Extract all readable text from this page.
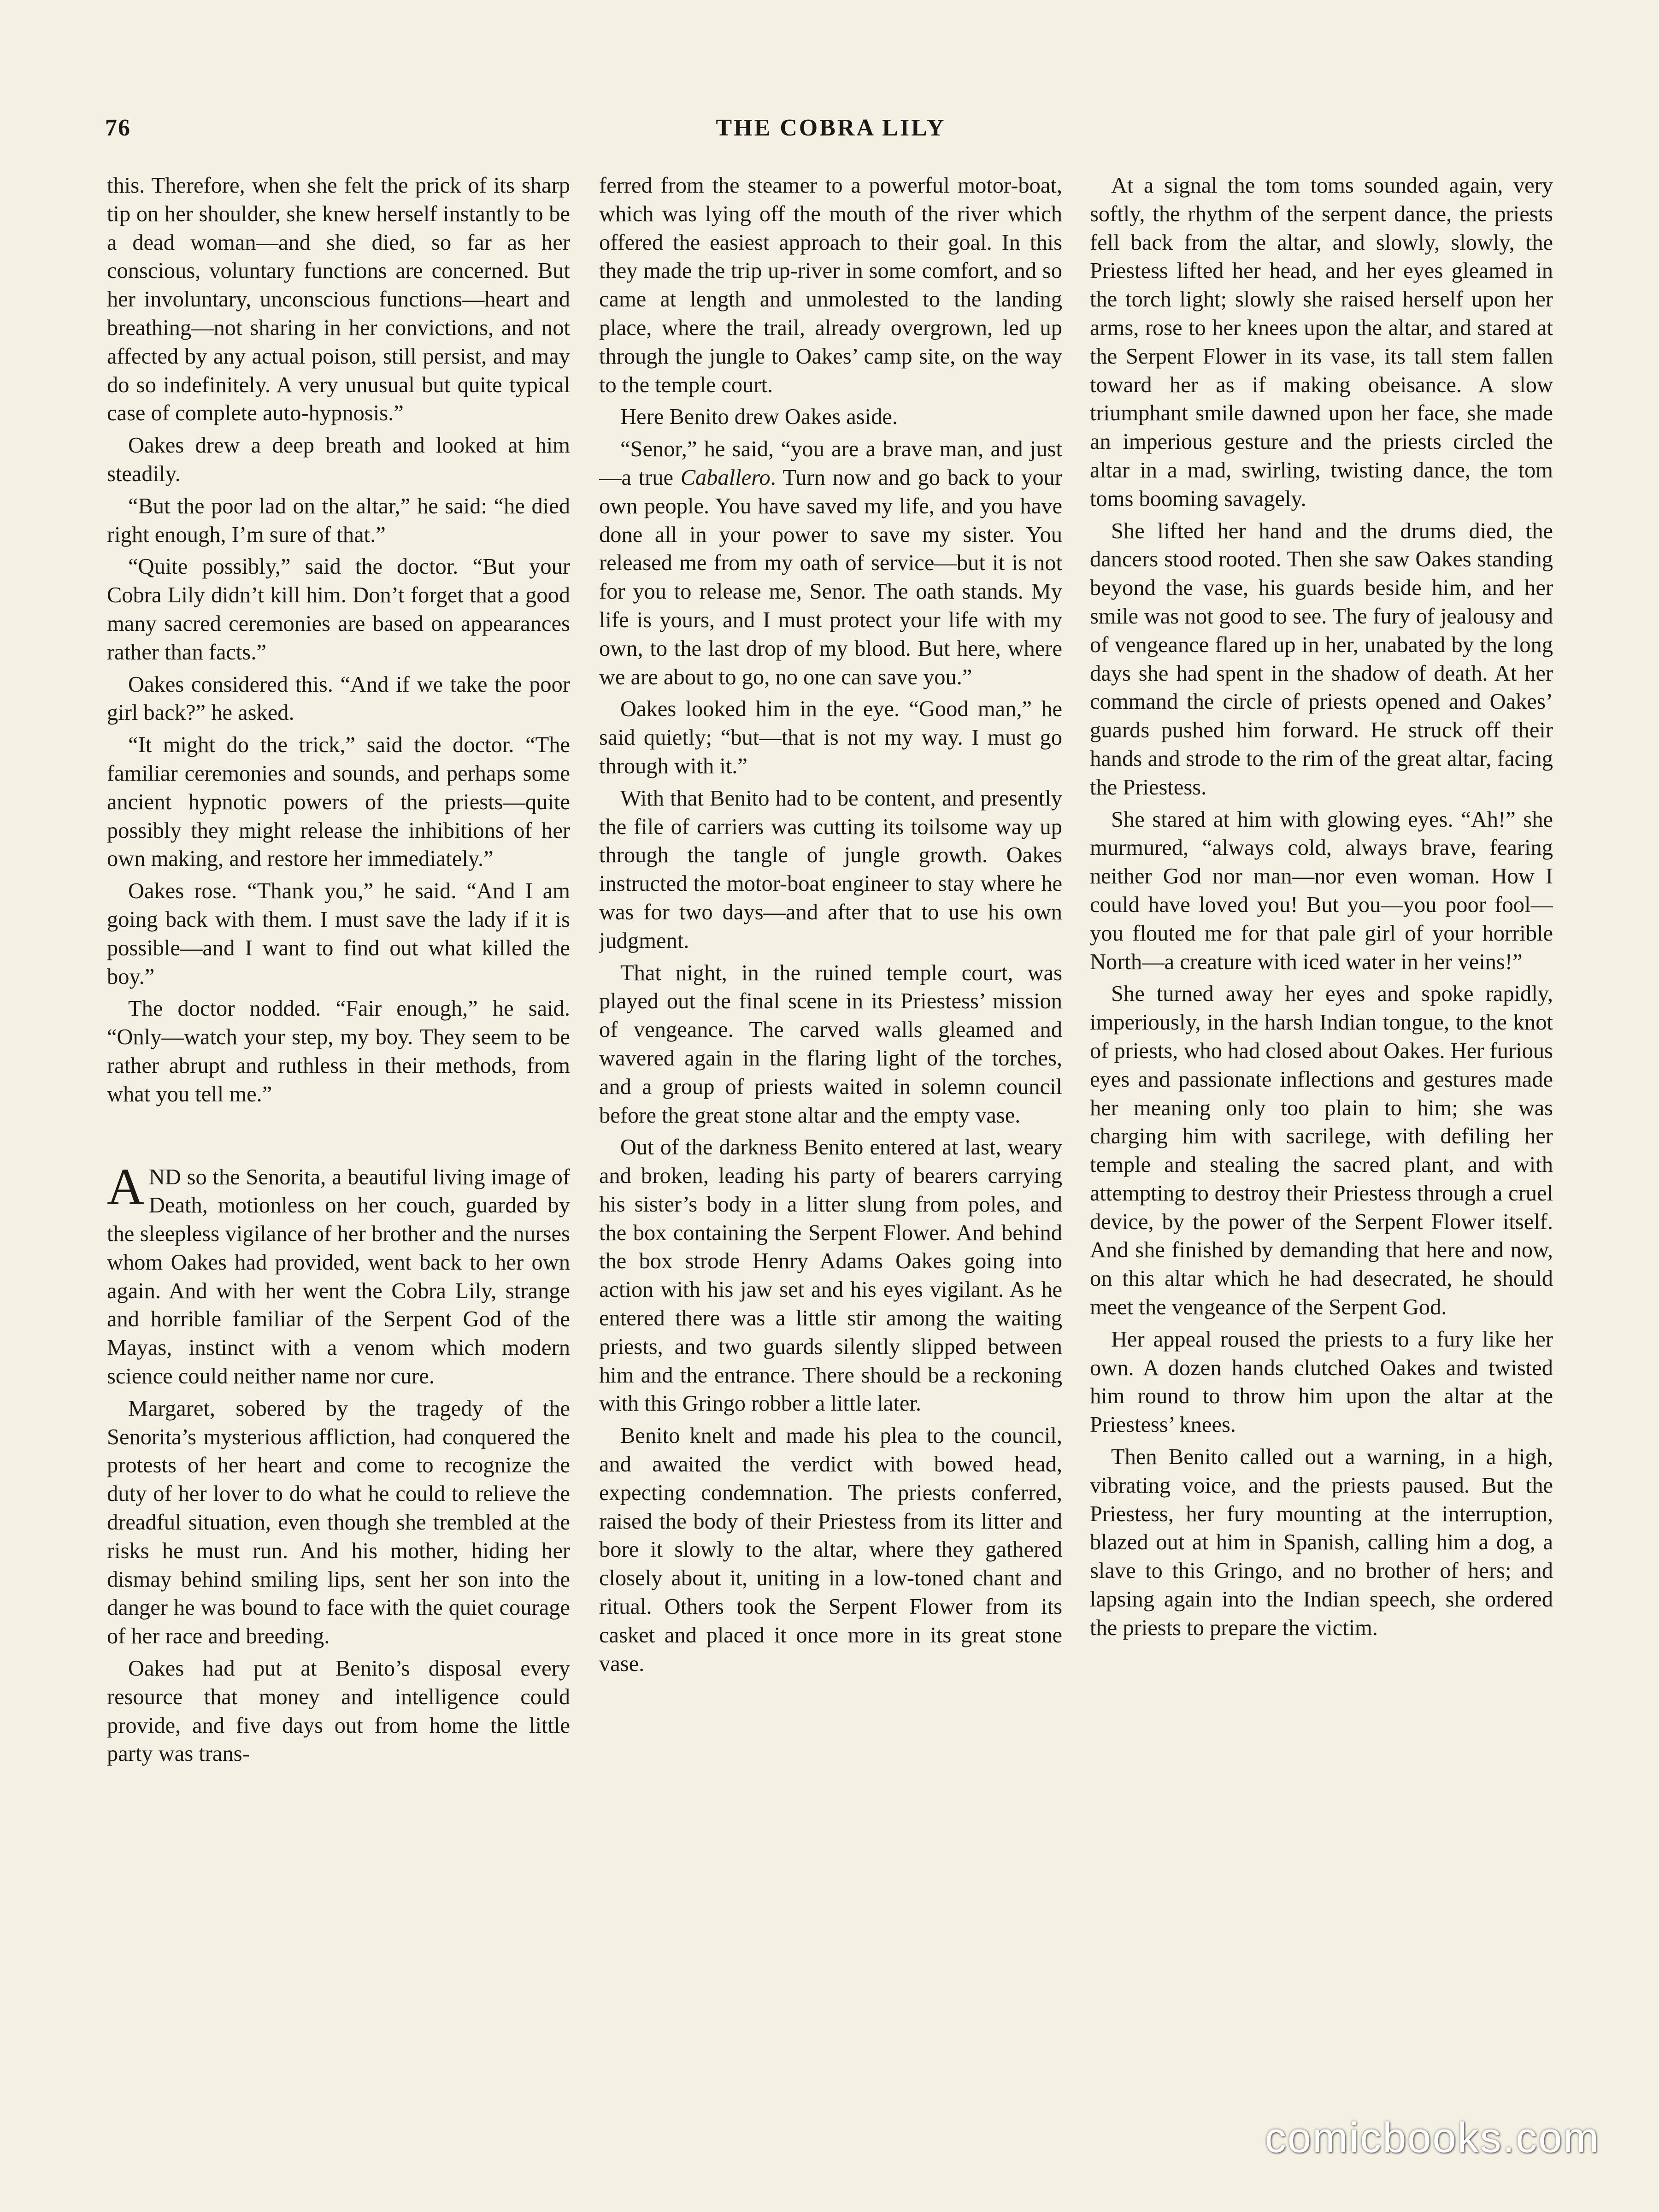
76	THE COBRA LILY

this. Therefore, when she felt the prick of its sharp tip on her shoulder, she knew herself instantly to be a dead woman—and she died, so far as her conscious, voluntary functions are concerned. But her involuntary, unconscious functions—heart and breathing—not sharing in her convictions, and not affected by any actual poison, still persist, and may do so indefinitely. A very unusual but quite typical case of complete auto-hypnosis.”

Oakes drew a deep breath and looked at him steadily.

“But the poor lad on the altar,” he said: “he died right enough, I’m sure of that.”

“Quite possibly,” said the doctor. “But your Cobra Lily didn’t kill him. Don’t forget that a good many sacred ceremonies are based on appearances rather than facts.”

Oakes considered this. “And if we take the poor girl back?” he asked.

“It might do the trick,” said the doctor. “The familiar ceremonies and sounds, and perhaps some ancient hypnotic powers of the priests—quite possibly they might release the inhibitions of her own making, and restore her immediately.”

Oakes rose. “Thank you,” he said. “And I am going back with them. I must save the lady if it is possible—and I want to find out what killed the boy.”

The doctor nodded. “Fair enough,” he said. “Only—watch your step, my boy. They seem to be rather abrupt and ruthless in their methods, from what you tell me.”

AND so the Senorita, a beautiful living image of Death, motionless on her couch, guarded by the sleepless vigilance of her brother and the nurses whom Oakes had provided, went back to her own again. And with her went the Cobra Lily, strange and horrible familiar of the Serpent God of the Mayas, instinct with a venom which modern science could neither name nor cure.

Margaret, sobered by the tragedy of the Senorita’s mysterious affliction, had conquered the protests of her heart and come to recognize the duty of her lover to do what he could to relieve the dreadful situation, even though she trembled at the risks he must run. And his mother, hiding her dismay behind smiling lips, sent her son into the danger he was bound to face with the quiet courage of her race and breeding.

Oakes had put at Benito’s disposal every resource that money and intelligence could provide, and five days out from home the little party was trans-

ferred from the steamer to a powerful motor-boat, which was lying off the mouth of the river which offered the easiest approach to their goal. In this they made the trip up-river in some comfort, and so came at length and unmolested to the landing place, where the trail, already overgrown, led up through the jungle to Oakes’ camp site, on the way to the temple court.

Here Benito drew Oakes aside.

“Senor,” he said, “you are a brave man, and just—a true Caballero. Turn now and go back to your own people. You have saved my life, and you have done all in your power to save my sister. You released me from my oath of service—but it is not for you to release me, Senor. The oath stands. My life is yours, and I must protect your life with my own, to the last drop of my blood. But here, where we are about to go, no one can save you.”

Oakes looked him in the eye. “Good man,” he said quietly; “but—that is not my way. I must go through with it.”

With that Benito had to be content, and presently the file of carriers was cutting its toilsome way up through the tangle of jungle growth. Oakes instructed the motor-boat engineer to stay where he was for two days—and after that to use his own judgment.

That night, in the ruined temple court, was played out the final scene in its Priestess’ mission of vengeance. The carved walls gleamed and wavered again in the flaring light of the torches, and a group of priests waited in solemn council before the great stone altar and the empty vase.

Out of the darkness Benito entered at last, weary and broken, leading his party of bearers carrying his sister’s body in a litter slung from poles, and the box containing the Serpent Flower. And behind the box strode Henry Adams Oakes going into action with his jaw set and his eyes vigilant. As he entered there was a little stir among the waiting priests, and two guards silently slipped between him and the entrance. There should be a reckoning with this Gringo robber a little later.

Benito knelt and made his plea to the council, and awaited the verdict with bowed head, expecting condemnation. The priests conferred, raised the body of their Priestess from its litter and bore it slowly to the altar, where they gathered closely about it, uniting in a low-toned chant and ritual. Others took the Serpent Flower from its casket and placed it once more in its great stone vase.

At a signal the tom toms sounded again, very softly, the rhythm of the serpent dance, the priests fell back from the altar, and slowly, slowly, the Priestess lifted her head, and her eyes gleamed in the torch light; slowly she raised herself upon her arms, rose to her knees upon the altar, and stared at the Serpent Flower in its vase, its tall stem fallen toward her as if making obeisance. A slow triumphant smile dawned upon her face, she made an imperious gesture and the priests circled the altar in a mad, swirling, twisting dance, the tom toms booming savagely.

She lifted her hand and the drums died, the dancers stood rooted. Then she saw Oakes standing beyond the vase, his guards beside him, and her smile was not good to see. The fury of jealousy and of vengeance flared up in her, unabated by the long days she had spent in the shadow of death. At her command the circle of priests opened and Oakes’ guards pushed him forward. He struck off their hands and strode to the rim of the great altar, facing the Priestess.

She stared at him with glowing eyes. “Ah!” she murmured, “always cold, always brave, fearing neither God nor man—nor even woman. How I could have loved you! But you—you poor fool—you flouted me for that pale girl of your horrible North—a creature with iced water in her veins!”

She turned away her eyes and spoke rapidly, imperiously, in the harsh Indian tongue, to the knot of priests, who had closed about Oakes. Her furious eyes and passionate inflections and gestures made her meaning only too plain to him; she was charging him with sacrilege, with defiling her temple and stealing the sacred plant, and with attempting to destroy their Priestess through a cruel device, by the power of the Serpent Flower itself. And she finished by demanding that here and now, on this altar which he had desecrated, he should meet the vengeance of the Serpent God.

Her appeal roused the priests to a fury like her own. A dozen hands clutched Oakes and twisted him round to throw him upon the altar at the Priestess’ knees.

Then Benito called out a warning, in a high, vibrating voice, and the priests paused. But the Priestess, her fury mounting at the interruption, blazed out at him in Spanish, calling him a dog, a slave to this Gringo, and no brother of hers; and lapsing again into the Indian speech, she ordered the priests to prepare the victim.

comicbooks.com
